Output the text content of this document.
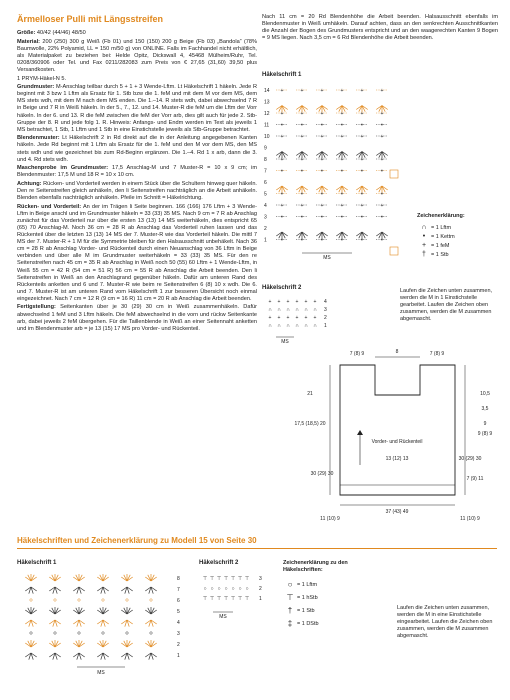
Ärmelloser Pulli mit Längsstreifen

Größe: 40/42 (44/46) 48/50

Material: 200 (250) 300 g Weiß (Fb 01) und 150 (150) 200 g Beige (Fb 03) „Bandola“ (78% Baumwolle, 22% Polyamid, LL = 150 m/50 g) von ONLINE. Falls im Fachhandel nicht erhältlich, als Materialpaket zu beziehen bei: Helde Opitz, Dickswall 4, 45468 Mülheim/Ruhr, Tel. 0208/360906 oder Tel. und Fax 0211/282083 zum Preis von € 27,65 (31,60) 39,50 plus Versandkosten.

1 PRYM-Häkel-N 5.

Grundmuster: M-Anschlag teilbar durch 5 + 1 + 3 Wende-Lftm. Lt Häkelschrift 1 häkeln. Jede R beginnt mit 3 bzw 1 Lftm als Ersatz für 1. Stb bzw die 1. feM und mit dem M vor dem MS, dem MS stets wdh, mit dem M nach dem MS enden. Die 1.–14. R stets wdh, dabei abwechselnd 7 R in Beige und 7 R in Weiß häkeln. In der 5., 7., 12. und 14. Muster-R die feM um die Lftm der Vorr häkeln. In der 6. und 13. R die feM zwischen die feM der Vorr arb, dies gilt auch für jede 2. Stb-Gruppe der 8. R und jede folg 1. R. Hinweis: Anfangs- und Endm werden im Text als jeweils 1 MS betrachtet, 1 Stb, 1 Lftm und 1 Stb in eine Einstichstelle jeweils als Stb-Gruppe betrachtet.

Blendenmuster: Lt Häkelschrift 2 in Rd direkt auf die in der Anleitung angegebenen Kanten häkeln. Jede Rd beginnt mit 1 Lftm als Ersatz für die 1. feM und den M vor dem MS, den MS stets wdh und wie gezeichnet bis zum Rd-Beginn ergänzen. Die 1.–4. Rd 1 x arb, dann die 3. und 4. Rd stets wdh.

Maschenprobe im Grundmuster: 17,5 Anschlag-M und 7 Muster-R = 10 x 9 cm; im Blendenmuster: 17,5 M und 18 R = 10 x 10 cm.

Achtung: Rücken- und Vorderteil werden in einem Stück über die Schultern hinweg quer häkeln. Den re Seitenstreifen gleich anhäkeln, den li Seitenstreifen nachträglich an die Arbeit anhäkeln. Blenden ebenfalls nachträglich anhäkeln. Pfeile im Schnitt = Häkelrichtung.

Rücken- und Vorderteil: An der im Trägen li Seite beginnen. 166 (166) 176 Lftm + 3 Wende-Lftm in Beige anschl und im Grundmuster häkeln = 33 (33) 35 MS. Nach 9 cm = 7 R ab Anschlag zunächst für das Vorderteil nur über die ersten 13 (13) 14 MS weiterhäkeln, dies entspricht 65 (65) 70 Anschlag-M. Noch 36 cm = 28 R ab Anschlag das Vorderteil ruhen lassen und das Rückenteil über die letzten 13 (13) 14 MS der 7. Muster-R wie das Vorderteil häkeln. Die mittl 7 MS der 7. Muster-R + 1 M für die Symmetrie bleiben für den Halsausschnitt unbehäkelt. Nach 36 cm = 28 R ab Anschlag Vorder- und Rückenteil durch einen Neuanschlag von 36 Lftm in Beige verbinden und über alle M im Grundmuster weiterhäkeln = 33 (33) 35 MS. Für den re Seitenstreifen nach 45 cm = 35 R ab Anschlag in Weiß noch 50 (55) 60 Lftm + 1 Wende-Lftm, in Weiß 55 cm = 42 R (54 cm = 51 R) 56 cm = 55 R ab Anschlag die Arbeit beenden. Den li Seitenstreifen in Weiß an den Anschlagrand gegenüber häkeln. Dafür am unteren Rand des Rückenteils anketten und 6 und 7. Muster-R wie beim re Seitenstreifen 6 (8) 10 x wdh. Die 6. und 7. Muster-R ist am unteren Rand vom Häkelschrift 1 zur besseren Übersicht noch einmal eingezeichnet. Nach 7 cm = 12 R (9 cm = 16 R) 11 cm = 20 R ab Anschlag die Arbeit beenden.

Fertigstellung: Seitenkanten über je 30 (29) 30 cm in Weiß zusammenhäkeln. Dafür abwechselnd 1 feM und 3 Lftm häkeln. Die feM abwechselnd in die vorn und rückw Seitenkante arb, dabei jeweils 2 feM übergehen. Für die Taillenblende in Weiß an einer Seitennaht anketten und im Blendenmuster arb = je 13 (15) 17 MS pro Vorder- und Rückenteil.

Nach 11 cm = 20 Rd Blendenhöhe die Arbeit beenden. Halsausschnitt ebenfalls im Blendenmuster in Weiß umhäkeln. Darauf achten, dass an den senkrechten Ausschnittkanten die Anzahl der Bogen des Grundmusters entspricht und an den waagerechten Kanten 9 Bogen = 9 MS liegen. Nach 3,5 cm = 6 Rd Blendenhöhe die Arbeit beenden.

Häkelschrift 1
14 +	+	+	+	+	+
13
12 +	+	+	+	+	+
11 +	+	+	+	+	+
10 +	+	+	+	+	+
9
8	+	+	+	+	+	+
7	+	+	+	+	+	+
6
5	+	+	+	+	+	+
4	+	+	+	+	+	+
3	+	+	+	+	+	+
2
1	+	+	+	+	+	+
MS
Zeichenerklärung:
∩ = 1 Lftm
•	= 1 Kettm
+ = 1 feM
† = 1 Stb
Laufen die Zeichen unten zusammen, werden die M in 1 Einstichstelle gearbeitet. Laufen die Zeichen oben zusammen, werden die M zusammen abgemascht.
Häkelschrift 2
4
+ + + + + +
3
∩ ∩ ∩ ∩ ∩ ∩
2
+ + + + + +
1
∩ ∩ ∩ ∩ ∩ ∩
MS
Vorder- und Rückenteil
7 (8) 9	8	7 (8) 9
17,5 (18,5) 20
10,5
3,5
9
9 (8) 9
30 (29) 30
13 (12) 13
30 (29) 30
7 (9) 11
37 (43) 49
11 (10) 9	11 (10) 9
21
Häkelschriften und Zeichenerklärung zu Modell 15 von Seite 30
Häkelschrift 1
8
7
6
5
4
3
2
1
MS
Häkelschrift 2
3
⊤ ⊤ ⊤ ⊤ ⊤ ⊤ ⊤
2
○ ○ ○ ○ ○ ○ ○
1
⊤ ⊤ ⊤ ⊤ ⊤ ⊤ ⊤
MS
Zeichenerklärung zu den Häkelschriften:
○ = 1 Lftm
⊤ = 1 hStb
† = 1 Stb
‡ = 1 DStb
Laufen die Zeichen unten zusammen, werden die M in eine Einstichstelle eingearbeitet. Laufen die Zeichen oben zusammen, werden die M zusammen abgemascht.
